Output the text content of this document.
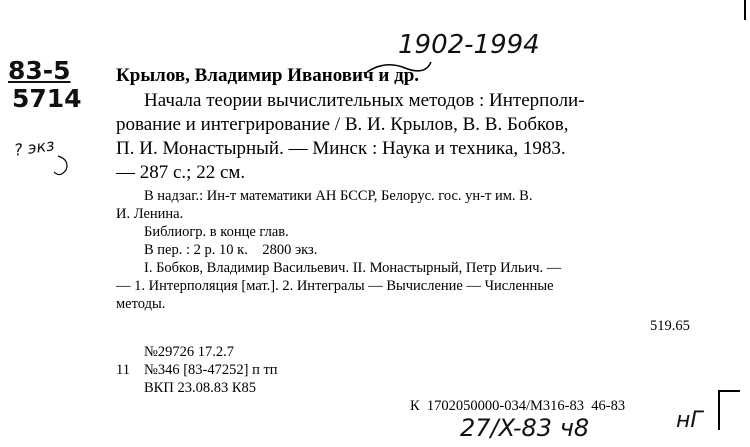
1902-1994
83-5
5714
? экз
Крылов, Владимир Иванович и др.
Начала теории вычислительных методов : Интерполи-
рование и интегрирование / В. И. Крылов, В. В. Бобков,
П. И. Монастырный. — Минск : Наука и техника, 1983.
— 287 с.; 22 см.
В надзаг.: Ин-т математики АН БССР, Белорус. гос. ун-т им. В.
И. Ленина.
Библиогр. в конце глав.
В пер. : 2 р. 10 к.    2800 экз.
I. Бобков, Владимир Васильевич. II. Монастырный, Петр Ильич. —
— 1. Интерполяция [мат.]. 2. Интегралы — Вычисление — Численные
методы.
519.65
№29726 17.2.7
11 №346 [83-47252] п тп
ВКП 23.08.83 К85
К  1702050000-034/М316-83  46-83
27/X-83 ч8	нГ
